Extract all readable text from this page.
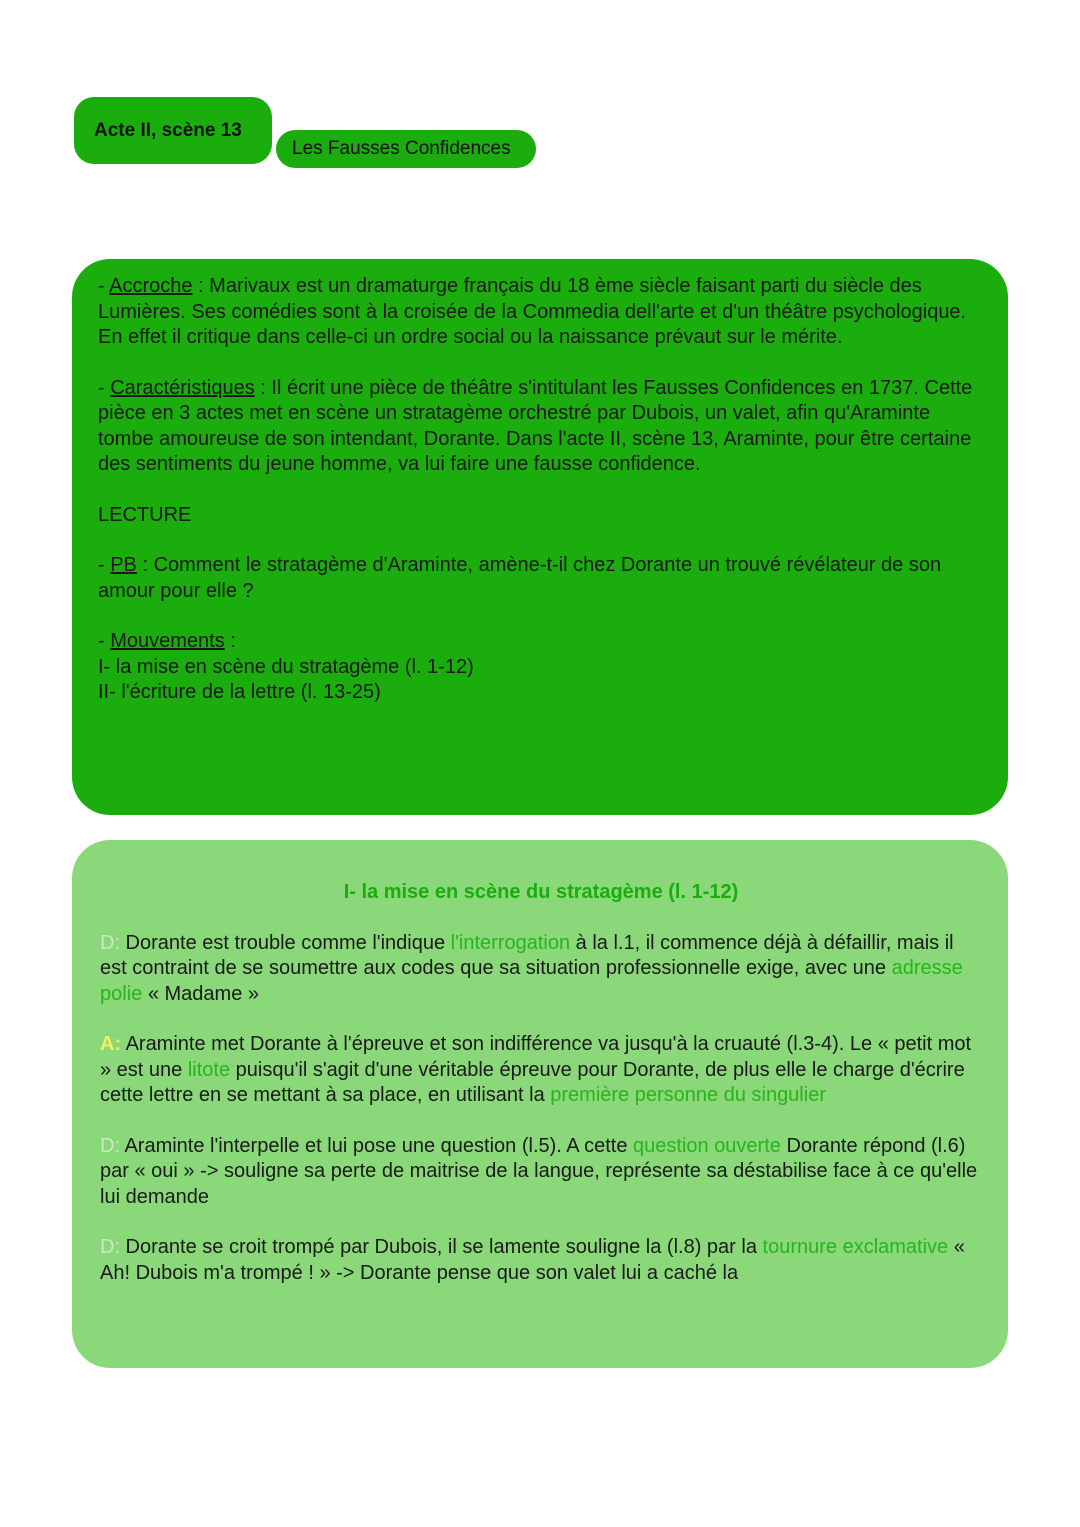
Acte II, scène 13
Les Fausses Confidences

- Accroche : Marivaux est un dramaturge français du 18 ème siècle faisant parti du siècle des Lumières. Ses comédies sont à la croisée de la Commedia dell'arte et d'un théâtre psychologique. En effet il critique dans celle-ci un ordre social ou la naissance prévaut sur le mérite.

- Caractéristiques : Il écrit une pièce de théâtre s'intitulant les Fausses Confidences en 1737. Cette pièce en 3 actes met en scène un stratagème orchestré par Dubois, un valet, afin qu'Araminte tombe amoureuse de son intendant, Dorante. Dans l'acte II, scène 13, Araminte, pour être certaine des sentiments du jeune homme, va lui faire une fausse confidence.

LECTURE

- PB : Comment le stratagème d'Araminte, amène-t-il chez Dorante un trouvé révélateur de son amour pour elle ?

- Mouvements :

I- la mise en scène du stratagème (l. 1-12)

II- l'écriture de la lettre (l. 13-25)

I- la mise en scène du stratagème (l. 1-12)

D: Dorante est trouble comme l'indique l'interrogation à la l.1, il commence déjà à défaillir, mais il est contraint de se soumettre aux codes que sa situation professionnelle exige, avec une adresse polie « Madame »

A: Araminte met Dorante à l'épreuve et son indifférence va jusqu'à la cruauté (l.3-4). Le « petit mot » est une litote puisqu'il s'agit d'une véritable épreuve pour Dorante, de plus elle le charge d'écrire cette lettre en se mettant à sa place, en utilisant la première personne du singulier

D: Araminte l'interpelle et lui pose une question (l.5). A cette question ouverte Dorante répond (l.6) par « oui » -> souligne sa perte de maitrise de la langue, représente sa déstabilise face à ce qu'elle lui demande

D: Dorante se croit trompé par Dubois, il se lamente souligne la (l.8) par la tournure exclamative « Ah! Dubois m'a trompé ! » -> Dorante pense que son valet lui a caché la
